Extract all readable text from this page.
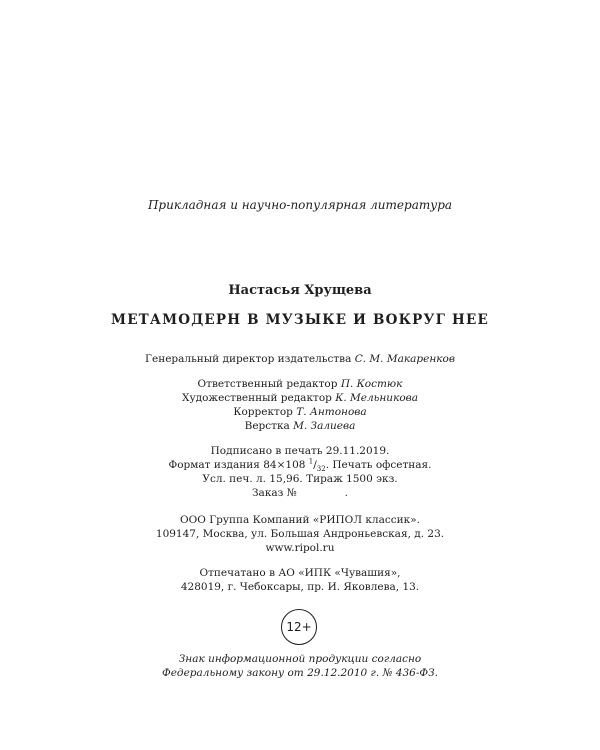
Прикладная и научно-популярная литература
Настасья Хрущева
МЕТАМОДЕРН В МУЗЫКЕ И ВОКРУГ НЕЕ
Генеральный директор издательства С. М. Макаренков
Ответственный редактор П. Костюк
Художественный редактор К. Мельникова
Корректор Т. Антонова
Верстка М. Залиева
Подписано в печать 29.11.2019.
Формат издания 84×108 $^1/_{32}$. Печать офсетная.
Усл. печ. л. 15,96. Тираж 1500 экз.
Заказ №	.
ООО Группа Компаний «РИПОЛ классик».
109147, Москва, ул. Большая Андроньевская, д. 23.
www.ripol.ru
Отпечатано в АО «ИПК «Чувашия»,
428019, г. Чебоксары, пр. И. Яковлева, 13.
12+
Знак информационной продукции согласно
Федеральному закону от 29.12.2010 г. № 436-ФЗ.
